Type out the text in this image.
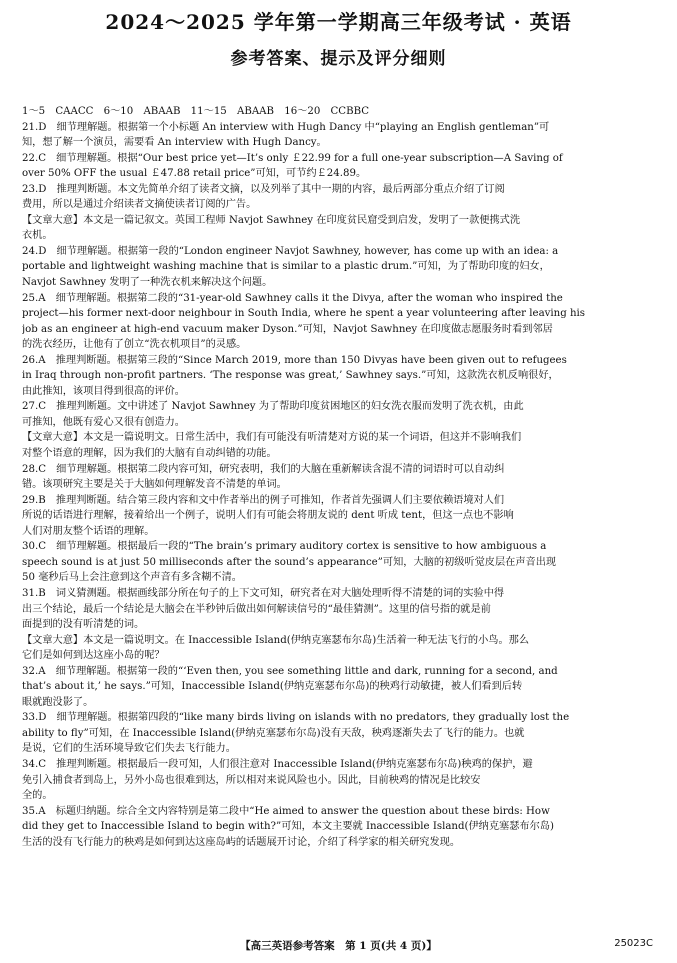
2024～2025 学年第一学期高三年级考试 · 英语
参考答案、提示及评分细则
1～5　CAACC　6～10　ABAAB　11～15　ABAAB　16～20　CCBBC
21.D　细节理解题。根据第一个小标题 An interview with Hugh Dancy 中“playing an English gentleman”可
知，想了解一个演员，需要看 An interview with Hugh Dancy。
22.C　细节理解题。根据“Our best price yet—It’s only ￡22.99 for a full one-year subscription—A Saving of
over 50% OFF the usual ￡47.88 retail price”可知，可节约￡24.89。
23.D　推理判断题。本文先简单介绍了读者文摘，以及列举了其中一期的内容，最后两部分重点介绍了订阅
费用，所以是通过介绍读者文摘使读者订阅的广告。
【文章大意】本文是一篇记叙文。英国工程师 Navjot Sawhney 在印度贫民窟受到启发，发明了一款便携式洗
衣机。
24.D　细节理解题。根据第一段的“London engineer Navjot Sawhney, however, has come up with an idea: a
portable and lightweight washing machine that is similar to a plastic drum.”可知，为了帮助印度的妇女，
Navjot Sawhney 发明了一种洗衣机来解决这个问题。
25.A　细节理解题。根据第二段的“31-year-old Sawhney calls it the Divya, after the woman who inspired the
project—his former next-door neighbour in South India, where he spent a year volunteering after leaving his
job as an engineer at high-end vacuum maker Dyson.”可知，Navjot Sawhney 在印度做志愿服务时看到邻居
的洗衣经历，让他有了创立“洗衣机项目”的灵感。
26.A　推理判断题。根据第三段的“Since March 2019, more than 150 Divyas have been given out to refugees
in Iraq through non-profit partners. ‘The response was great,’ Sawhney says.”可知，这款洗衣机反响很好，
由此推知，该项目得到很高的评价。
27.C　推理判断题。文中讲述了 Navjot Sawhney 为了帮助印度贫困地区的妇女洗衣服而发明了洗衣机，由此
可推知，他既有爱心又很有创造力。
【文章大意】本文是一篇说明文。日常生活中，我们有可能没有听清楚对方说的某一个词语，但这并不影响我们
对整个语意的理解，因为我们的大脑有自动纠错的功能。
28.C　细节理解题。根据第二段内容可知，研究表明，我们的大脑在重新解读含混不清的词语时可以自动纠
错。该项研究主要是关于大脑如何理解发音不清楚的单词。
29.B　推理判断题。结合第三段内容和文中作者举出的例子可推知，作者首先强调人们主要依赖语境对人们
所说的话语进行理解，接着给出一个例子，说明人们有可能会将朋友说的 dent 听成 tent，但这一点也不影响
人们对朋友整个话语的理解。
30.C　细节理解题。根据最后一段的“The brain’s primary auditory cortex is sensitive to how ambiguous a
speech sound is at just 50 milliseconds after the sound’s appearance”可知，大脑的初级听觉皮层在声音出现
50 毫秒后马上会注意到这个声音有多含糊不清。
31.B　词义猜测题。根据画线部分所在句子的上下文可知，研究者在对大脑处理听得不清楚的词的实验中得
出三个结论，最后一个结论是大脑会在半秒钟后做出如何解读信号的“最佳猜测”。这里的信号指的就是前
面提到的没有听清楚的词。
【文章大意】本文是一篇说明文。在 Inaccessible Island(伊纳克塞瑟布尔岛)生活着一种无法飞行的小鸟。那么
它们是如何到达这座小岛的呢？
32.A　细节理解题。根据第一段的“‘Even then, you see something little and dark, running for a second, and
that’s about it,’ he says.”可知，Inaccessible Island(伊纳克塞瑟布尔岛)的秧鸡行动敏捷，被人们看到后转
眼就跑没影了。
33.D　细节理解题。根据第四段的“like many birds living on islands with no predators, they gradually lost the
ability to fly”可知，在 Inaccessible Island(伊纳克塞瑟布尔岛)没有天敌，秧鸡逐渐失去了飞行的能力。也就
是说，它们的生活环境导致它们失去飞行能力。
34.C　推理判断题。根据最后一段可知，人们很注意对 Inaccessible Island(伊纳克塞瑟布尔岛)秧鸡的保护，避
免引入捕食者到岛上，另外小岛也很难到达，所以相对来说风险也小。因此，目前秧鸡的情况是比较安
全的。
35.A　标题归纳题。综合全文内容特别是第二段中“He aimed to answer the question about these birds: How
did they get to Inaccessible Island to begin with?”可知，本文主要就 Inaccessible Island(伊纳克塞瑟布尔岛)
生活的没有飞行能力的秧鸡是如何到达这座岛屿的话题展开讨论，介绍了科学家的相关研究发现。
【高三英语参考答案　第 1 页(共 4 页)】	25023C
